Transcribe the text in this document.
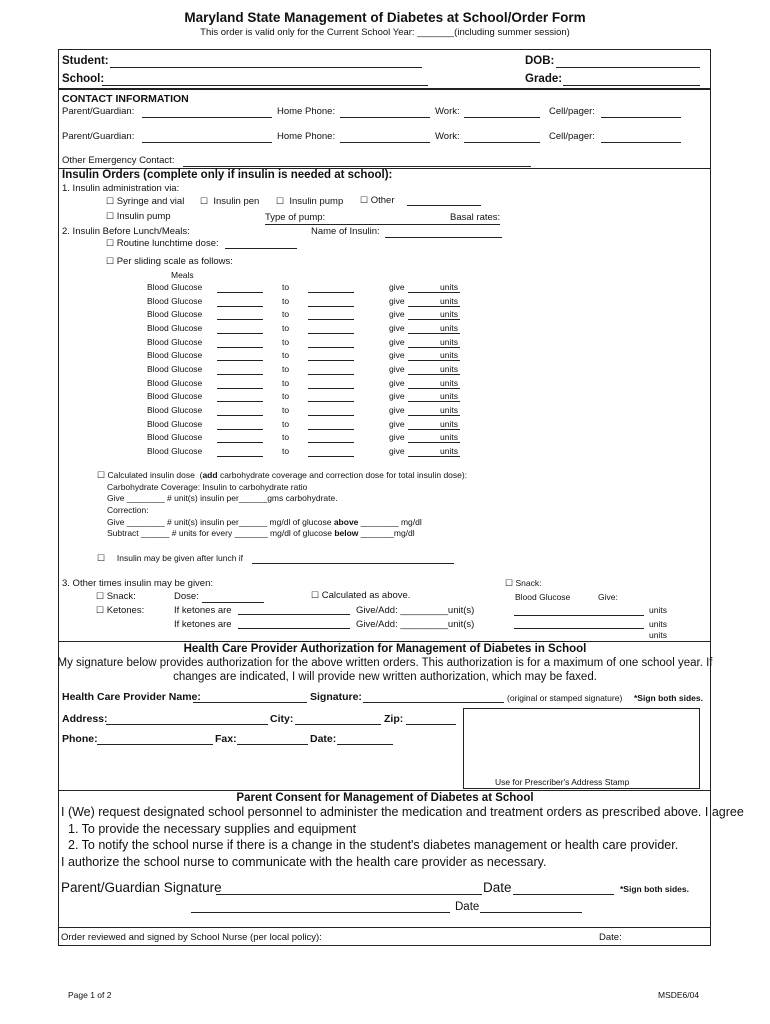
Maryland State Management of Diabetes at School/Order Form
This order is valid only for the Current School Year: _______(including summer session)
Student:	DOB:
School:	Grade:
CONTACT INFORMATION
Parent/Guardian:	Home Phone:	Work:	Cell/pager:
Parent/Guardian:	Home Phone:	Work:	Cell/pager:
Other Emergency Contact:
Insulin Orders (complete only if insulin is needed at school):
1. Insulin administration via:
☐ Syringe and vial ☐ Insulin pen ☐ Insulin pump ☐ Other
☐ Insulin pump	Type of pump:	Basal rates:
2. Insulin Before Lunch/Meals:	Name of Insulin:
☐ Routine lunchtime dose:
☐ Per sliding scale as follows:
Meals
Blood Glucose	to	give	units
Blood Glucose	to	give	units
Blood Glucose	to	give	units
Blood Glucose	to	give	units
Blood Glucose	to	give	units
Blood Glucose	to	give	units
Blood Glucose	to	give	units
Blood Glucose	to	give	units
Blood Glucose	to	give	units
Blood Glucose	to	give	units
Blood Glucose	to	give	units
Blood Glucose	to	give	units
Blood Glucose	to	give	units
☐ Calculated insulin dose (add carbohydrate coverage and correction dose for total insulin dose):
Carbohydrate Coverage: Insulin to carbohydrate ratio
Give ________ # unit(s) insulin per______gms carbohydrate.
Correction:
Give ________ # unit(s) insulin per______ mg/dl of glucose above ________ mg/dl
Subtract ______ # units for every _______ mg/dl of glucose below _______mg/dl
☐ Insulin may be given after lunch if
3. Other times insulin may be given:
☐ Snack:	Dose:	☐ Calculated as above.
☐ Ketones:	If ketones are	Give/Add: _________unit(s)
If ketones are	Give/Add: _________unit(s)
☐ Snack:
Blood Glucose	Give:
units
units
units
Health Care Provider Authorization for Management of Diabetes in School
My signature below provides authorization for the above written orders. This authorization is for a maximum of one school year. If
changes are indicated, I will provide new written authorization, which may be faxed.
Health Care Provider Name:	Signature:	(original or stamped signature) *Sign both sides.
Address:	City:	Zip:
Phone:	Fax:	Date:
Use for Prescriber's Address Stamp
Parent Consent for Management of Diabetes at School
I (We) request designated school personnel to administer the medication and treatment orders as prescribed above. I agree
1. To provide the necessary supplies and equipment
2. To notify the school nurse if there is a change in the student's diabetes management or health care provider.
I authorize the school nurse to communicate with the health care provider as necessary.
Parent/Guardian Signature	Date	*Sign both sides.
Date
Order reviewed and signed by School Nurse (per local policy):	Date:
Page 1 of 2	MSDE6/04
